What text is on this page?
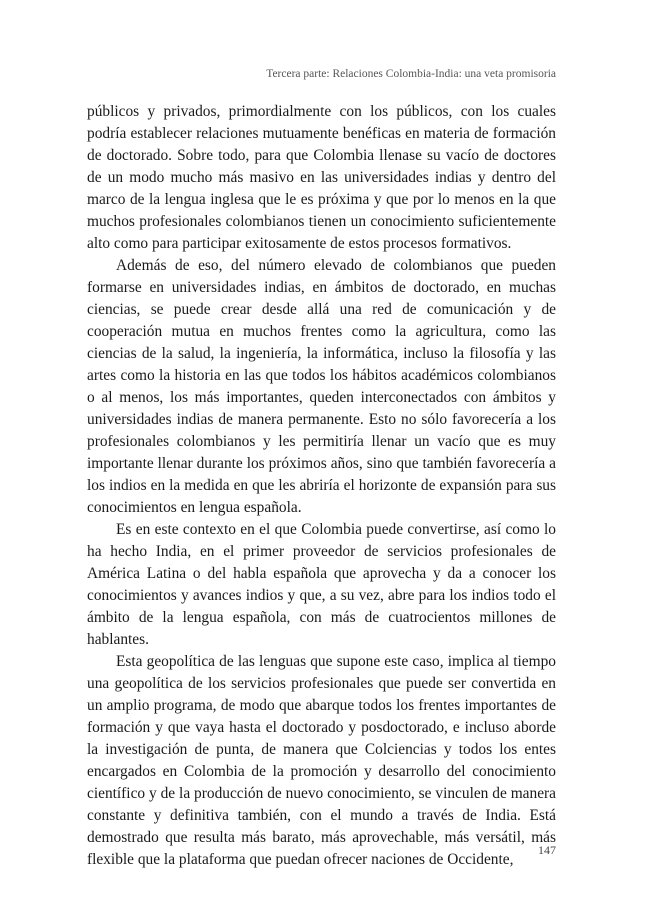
Tercera parte: Relaciones Colombia-India: una veta promisoria

públicos y privados, primordialmente con los públicos, con los cuales podría establecer relaciones mutuamente benéficas en materia de formación de doctorado. Sobre todo, para que Colombia llenase su vacío de doctores de un modo mucho más masivo en las universidades indias y dentro del marco de la lengua inglesa que le es próxima y que por lo menos en la que muchos profesionales colombianos tienen un conocimiento suficientemente alto como para participar exitosamente de estos procesos formativos.

Además de eso, del número elevado de colombianos que pueden formarse en universidades indias, en ámbitos de doctorado, en muchas ciencias, se puede crear desde allá una red de comunicación y de cooperación mutua en muchos frentes como la agricultura, como las ciencias de la salud, la ingeniería, la informática, incluso la filosofía y las artes como la historia en las que todos los hábitos académicos colombianos o al menos, los más importantes, queden interconectados con ámbitos y universidades indias de manera permanente. Esto no sólo favorecería a los profesionales colombianos y les permitiría llenar un vacío que es muy importante llenar durante los próximos años, sino que también favorecería a los indios en la medida en que les abriría el horizonte de expansión para sus conocimientos en lengua española.

Es en este contexto en el que Colombia puede convertirse, así como lo ha hecho India, en el primer proveedor de servicios profesionales de América Latina o del habla española que aprovecha y da a conocer los conocimientos y avances indios y que, a su vez, abre para los indios todo el ámbito de la lengua española, con más de cuatrocientos millones de hablantes.

Esta geopolítica de las lenguas que supone este caso, implica al tiempo una geopolítica de los servicios profesionales que puede ser convertida en un amplio programa, de modo que abarque todos los frentes importantes de formación y que vaya hasta el doctorado y posdoctorado, e incluso aborde la investigación de punta, de manera que Colciencias y todos los entes encargados en Colombia de la promoción y desarrollo del conocimiento científico y de la producción de nuevo conocimiento, se vinculen de manera constante y definitiva también, con el mundo a través de India. Está demostrado que resulta más barato, más aprovechable, más versátil, más flexible que la plataforma que puedan ofrecer naciones de Occidente,

147
